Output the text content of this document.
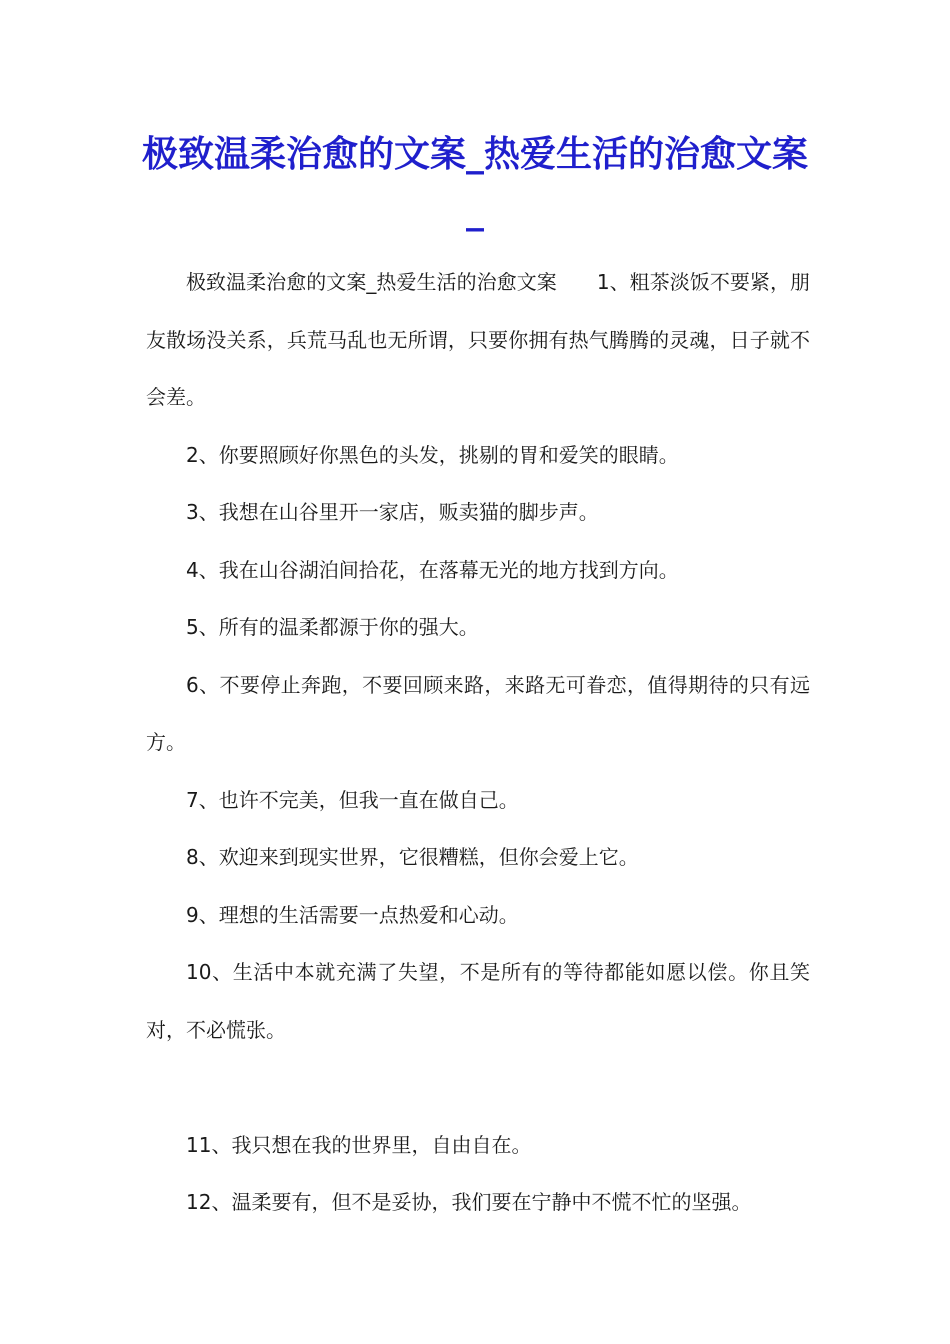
极致温柔治愈的文案_热爱生活的治愈文案_

极致温柔治愈的文案_热爱生活的治愈文案　　1、粗茶淡饭不要紧，朋友散场没关系，兵荒马乱也无所谓，只要你拥有热气腾腾的灵魂，日子就不会差。

2、你要照顾好你黑色的头发，挑剔的胃和爱笑的眼睛。

3、我想在山谷里开一家店，贩卖猫的脚步声。

4、我在山谷湖泊间拾花，在落幕无光的地方找到方向。

5、所有的温柔都源于你的强大。

6、不要停止奔跑，不要回顾来路，来路无可眷恋，值得期待的只有远方。

7、也许不完美，但我一直在做自己。

8、欢迎来到现实世界，它很糟糕，但你会爱上它。

9、理想的生活需要一点热爱和心动。

10、生活中本就充满了失望，不是所有的等待都能如愿以偿。你且笑对，不必慌张。

11、我只想在我的世界里，自由自在。

12、温柔要有，但不是妥协，我们要在宁静中不慌不忙的坚强。
